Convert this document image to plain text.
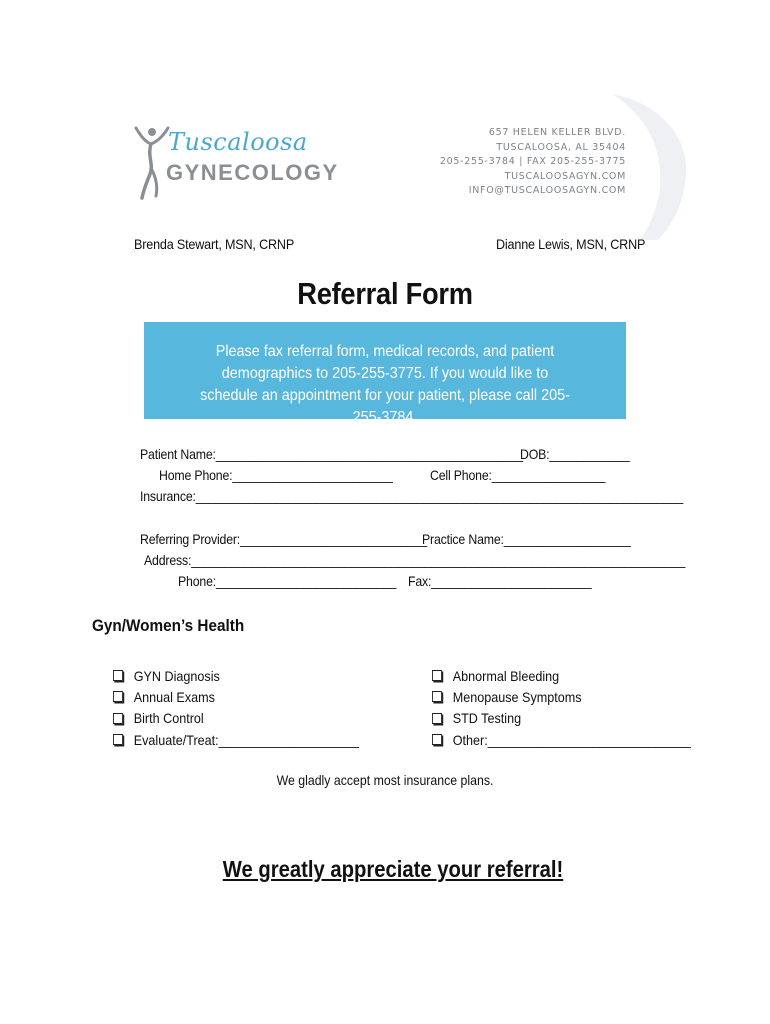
Tuscaloosa
GYNECOLOGY
657 HELEN KELLER BLVD.
TUSCALOOSA, AL 35404
205-255-3784 | FAX 205-255-3775
TUSCALOOSAGYN.COM
INFO@TUSCALOOSAGYN.COM
Brenda Stewart, MSN, CRNP	Dianne Lewis, MSN, CRNP
Referral Form
Please fax referral form, medical records, and patient demographics to 205-255-3775. If you would like to schedule an appointment for your patient, please call 205-255-3784.
Patient Name:______________________________________________
DOB:____________
Home Phone:________________________	Cell Phone:_________________
Insurance:_________________________________________________________________________
Referring Provider:____________________________
Practice Name:___________________
Address:__________________________________________________________________________
Phone:___________________________ Fax:________________________
Gyn/Women’s Health
GYN Diagnosis
Annual Exams
Birth Control
Evaluate/Treat:____________________
Abnormal Bleeding
Menopause Symptoms
STD Testing
Other:_____________________________
We gladly accept most insurance plans.
We greatly appreciate your referral!
